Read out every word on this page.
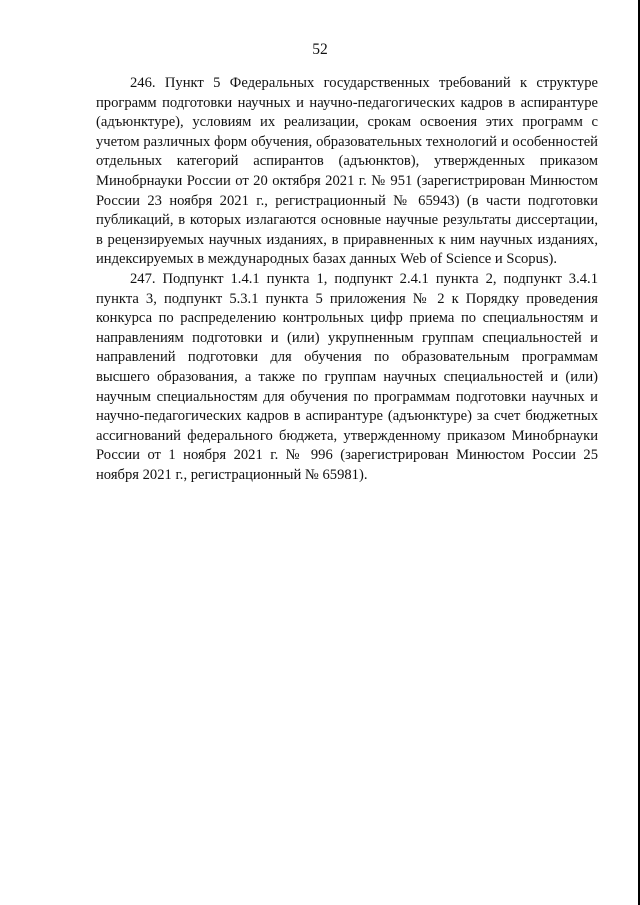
52

246. Пункт 5 Федеральных государственных требований к структуре программ подготовки научных и научно-педагогических кадров в аспирантуре (адъюнктуре), условиям их реализации, срокам освоения этих программ с учетом различных форм обучения, образовательных технологий и особенностей отдельных категорий аспирантов (адъюнктов), утвержденных приказом Минобрнауки России от 20 октября 2021 г. № 951 (зарегистрирован Минюстом России 23 ноября 2021 г., регистрационный № 65943) (в части подготовки публикаций, в которых излагаются основные научные результаты диссертации, в рецензируемых научных изданиях, в приравненных к ним научных изданиях, индексируемых в международных базах данных Web of Science и Scopus).

247. Подпункт 1.4.1 пункта 1, подпункт 2.4.1 пункта 2, подпункт 3.4.1 пункта 3, подпункт 5.3.1 пункта 5 приложения № 2 к Порядку проведения конкурса по распределению контрольных цифр приема по специальностям и направлениям подготовки и (или) укрупненным группам специальностей и направлений подготовки для обучения по образовательным программам высшего образования, а также по группам научных специальностей и (или) научным специальностям для обучения по программам подготовки научных и научно-педагогических кадров в аспирантуре (адъюнктуре) за счет бюджетных ассигнований федерального бюджета, утвержденному приказом Минобрнауки России от 1 ноября 2021 г. № 996 (зарегистрирован Минюстом России 25 ноября 2021 г., регистрационный № 65981).
